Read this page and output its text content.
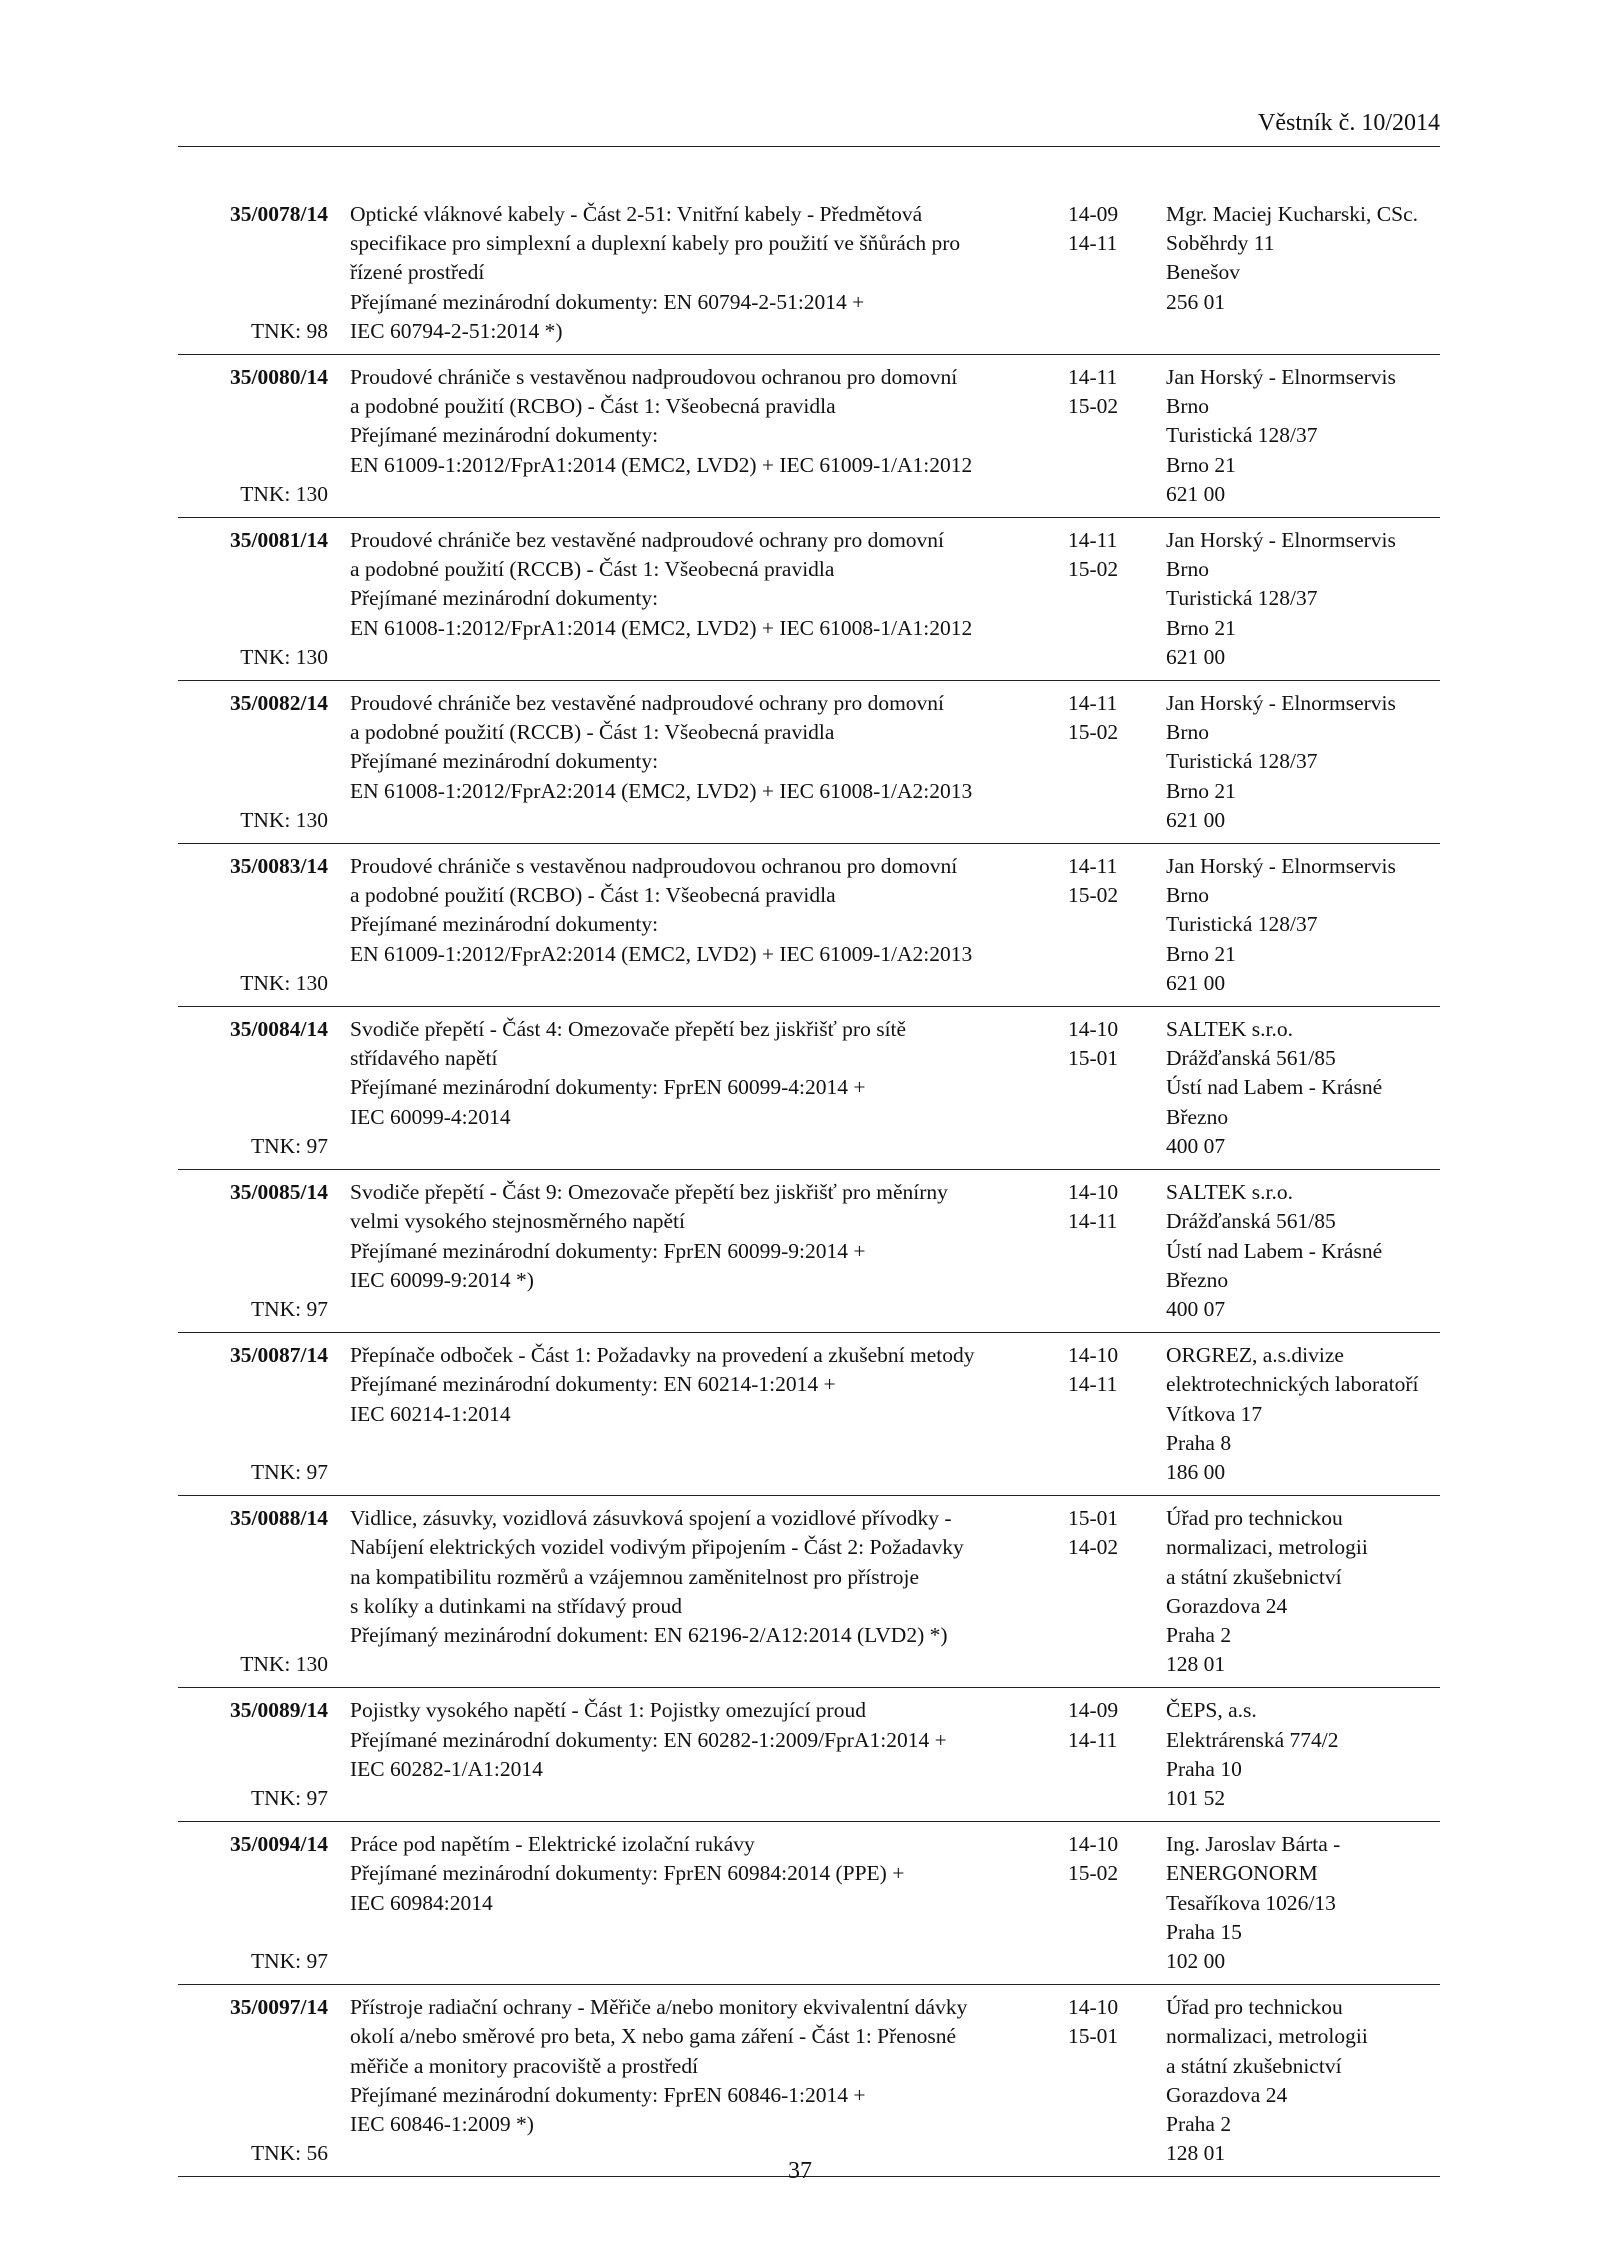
Věstník č. 10/2014
35/0078/14
TNK: 98
Optické vláknové kabely - Část 2-51: Vnitřní kabely - Předmětová
specifikace pro simplexní a duplexní kabely pro použití ve šňůrách pro
řízené prostředí
Přejímané mezinárodní dokumenty: EN 60794-2-51:2014 +
IEC 60794-2-51:2014 *)
14-09
14-11
Mgr. Maciej Kucharski, CSc.
Soběhrdy 11
Benešov
256 01
35/0080/14
TNK: 130
Proudové chrániče s vestavěnou nadproudovou ochranou pro domovní
a podobné použití (RCBO) - Část 1: Všeobecná pravidla
Přejímané mezinárodní dokumenty:
EN 61009-1:2012/FprA1:2014 (EMC2, LVD2) + IEC 61009-1/A1:2012
14-11
15-02
Jan Horský - Elnormservis
Brno
Turistická 128/37
Brno 21
621 00
35/0081/14
TNK: 130
Proudové chrániče bez vestavěné nadproudové ochrany pro domovní
a podobné použití (RCCB) - Část 1: Všeobecná pravidla
Přejímané mezinárodní dokumenty:
EN 61008-1:2012/FprA1:2014 (EMC2, LVD2) + IEC 61008-1/A1:2012
14-11
15-02
Jan Horský - Elnormservis
Brno
Turistická 128/37
Brno 21
621 00
35/0082/14
TNK: 130
Proudové chrániče bez vestavěné nadproudové ochrany pro domovní
a podobné použití (RCCB) - Část 1: Všeobecná pravidla
Přejímané mezinárodní dokumenty:
EN 61008-1:2012/FprA2:2014 (EMC2, LVD2) + IEC 61008-1/A2:2013
14-11
15-02
Jan Horský - Elnormservis
Brno
Turistická 128/37
Brno 21
621 00
35/0083/14
TNK: 130
Proudové chrániče s vestavěnou nadproudovou ochranou pro domovní
a podobné použití (RCBO) - Část 1: Všeobecná pravidla
Přejímané mezinárodní dokumenty:
EN 61009-1:2012/FprA2:2014 (EMC2, LVD2) + IEC 61009-1/A2:2013
14-11
15-02
Jan Horský - Elnormservis
Brno
Turistická 128/37
Brno 21
621 00
35/0084/14
TNK: 97
Svodiče přepětí - Část 4: Omezovače přepětí bez jiskřišť pro sítě
střídavého napětí
Přejímané mezinárodní dokumenty: FprEN 60099-4:2014 +
IEC 60099-4:2014
14-10
15-01
SALTEK s.r.o.
Drážďanská 561/85
Ústí nad Labem - Krásné
Březno
400 07
35/0085/14
TNK: 97
Svodiče přepětí - Část 9: Omezovače přepětí bez jiskřišť pro měnírny
velmi vysokého stejnosměrného napětí
Přejímané mezinárodní dokumenty: FprEN 60099-9:2014 +
IEC 60099-9:2014 *)
14-10
14-11
SALTEK s.r.o.
Drážďanská 561/85
Ústí nad Labem - Krásné
Březno
400 07
35/0087/14
TNK: 97
Přepínače odboček - Část 1: Požadavky na provedení a zkušební metody
Přejímané mezinárodní dokumenty: EN 60214-1:2014 +
IEC 60214-1:2014
14-10
14-11
ORGREZ, a.s.divize
elektrotechnických laboratoří
Vítkova 17
Praha 8
186 00
35/0088/14
TNK: 130
Vidlice, zásuvky, vozidlová zásuvková spojení a vozidlové přívodky -
Nabíjení elektrických vozidel vodivým připojením - Část 2: Požadavky
na kompatibilitu rozměrů a vzájemnou zaměnitelnost pro přístroje
s kolíky a dutinkami na střídavý proud
Přejímaný mezinárodní dokument: EN 62196-2/A12:2014 (LVD2) *)
15-01
14-02
Úřad pro technickou
normalizaci, metrologii
a státní zkušebnictví
Gorazdova 24
Praha 2
128 01
35/0089/14
TNK: 97
Pojistky vysokého napětí - Část 1: Pojistky omezující proud
Přejímané mezinárodní dokumenty: EN 60282-1:2009/FprA1:2014 +
IEC 60282-1/A1:2014
14-09
14-11
ČEPS, a.s.
Elektrárenská 774/2
Praha 10
101 52
35/0094/14
TNK: 97
Práce pod napětím - Elektrické izolační rukávy
Přejímané mezinárodní dokumenty: FprEN 60984:2014 (PPE) +
IEC 60984:2014
14-10
15-02
Ing. Jaroslav Bárta -
ENERGONORM
Tesaříkova 1026/13
Praha 15
102 00
35/0097/14
TNK: 56
Přístroje radiační ochrany - Měřiče a/nebo monitory ekvivalentní dávky
okolí a/nebo směrové pro beta, X nebo gama záření - Část 1: Přenosné
měřiče a monitory pracoviště a prostředí
Přejímané mezinárodní dokumenty: FprEN 60846-1:2014 +
IEC 60846-1:2009 *)
14-10
15-01
Úřad pro technickou
normalizaci, metrologii
a státní zkušebnictví
Gorazdova 24
Praha 2
128 01
37
